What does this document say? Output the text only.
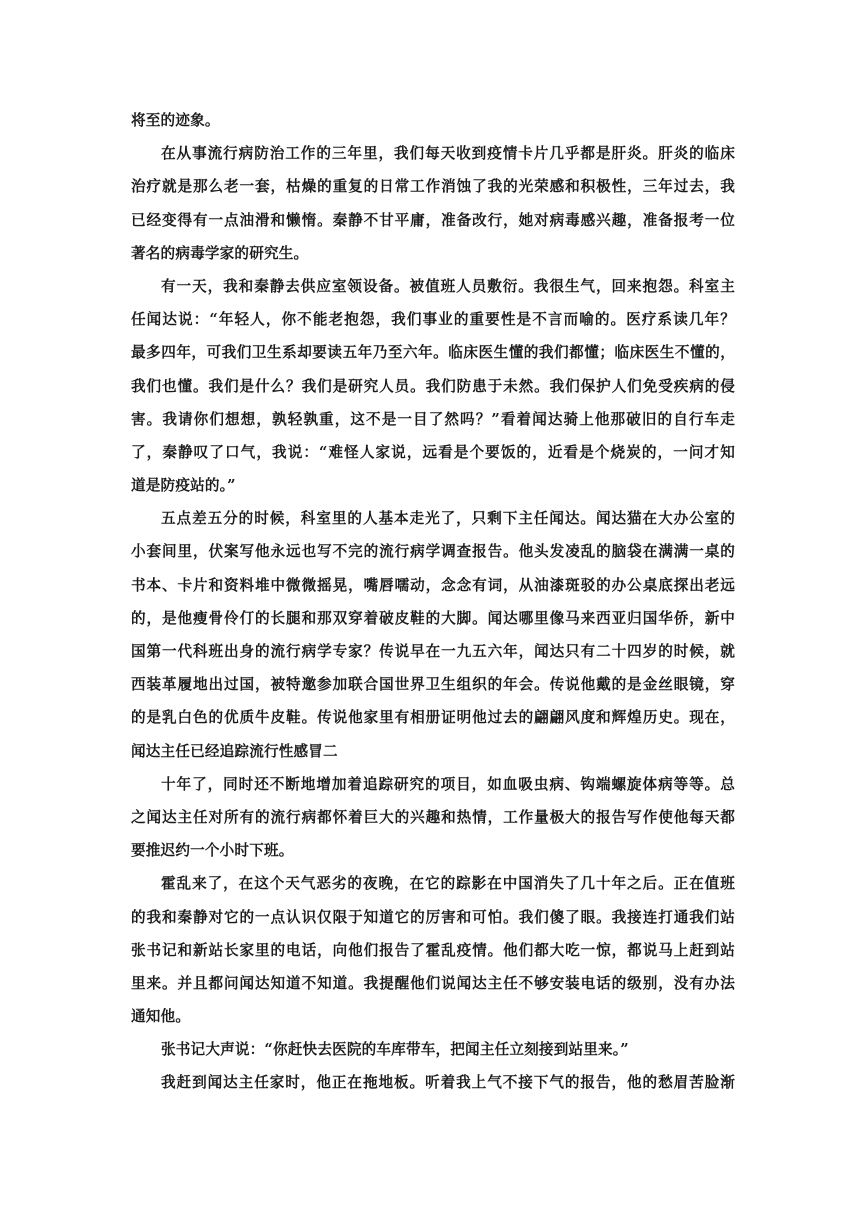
将至的迹象。
在从事流行病防治工作的三年里，我们每天收到疫情卡片几乎都是肝炎。肝炎的临床
治疗就是那么老一套，枯燥的重复的日常工作消蚀了我的光荣感和积极性，三年过去，我
已经变得有一点油滑和懒惰。秦静不甘平庸，准备改行，她对病毒感兴趣，准备报考一位
著名的病毒学家的研究生。
有一天，我和秦静去供应室领设备。被值班人员敷衍。我很生气，回来抱怨。科室主
任闻达说：“年轻人，你不能老抱怨，我们事业的重要性是不言而喻的。医疗系读几年？
最多四年，可我们卫生系却要读五年乃至六年。临床医生懂的我们都懂；临床医生不懂的，
我们也懂。我们是什么？我们是研究人员。我们防患于未然。我们保护人们免受疾病的侵
害。我请你们想想，孰轻孰重，这不是一目了然吗？”看着闻达骑上他那破旧的自行车走
了，秦静叹了口气，我说：“难怪人家说，远看是个要饭的，近看是个烧炭的，一问才知
道是防疫站的。”
五点差五分的时候，科室里的人基本走光了，只剩下主任闻达。闻达猫在大办公室的
小套间里，伏案写他永远也写不完的流行病学调查报告。他头发凌乱的脑袋在满满一桌的
书本、卡片和资料堆中微微摇晃，嘴唇嚅动，念念有词，从油漆斑驳的办公桌底探出老远
的，是他瘦骨伶仃的长腿和那双穿着破皮鞋的大脚。闻达哪里像马来西亚归国华侨，新中
国第一代科班出身的流行病学专家？传说早在一九五六年，闻达只有二十四岁的时候，就
西装革履地出过国，被特邀参加联合国世界卫生组织的年会。传说他戴的是金丝眼镜，穿
的是乳白色的优质牛皮鞋。传说他家里有相册证明他过去的翩翩风度和辉煌历史。现在，
闻达主任已经追踪流行性感冒二
十年了，同时还不断地增加着追踪研究的项目，如血吸虫病、钩端螺旋体病等等。总
之闻达主任对所有的流行病都怀着巨大的兴趣和热情，工作量极大的报告写作使他每天都
要推迟约一个小时下班。
霍乱来了，在这个天气恶劣的夜晚，在它的踪影在中国消失了几十年之后。正在值班
的我和秦静对它的一点认识仅限于知道它的厉害和可怕。我们傻了眼。我接连打通我们站
张书记和新站长家里的电话，向他们报告了霍乱疫情。他们都大吃一惊，都说马上赶到站
里来。并且都问闻达知道不知道。我提醒他们说闻达主任不够安装电话的级别，没有办法
通知他。
张书记大声说：“你赶快去医院的车库带车，把闻主任立刻接到站里来。”
我赶到闻达主任家时，他正在拖地板。听着我上气不接下气的报告，他的愁眉苦脸渐
